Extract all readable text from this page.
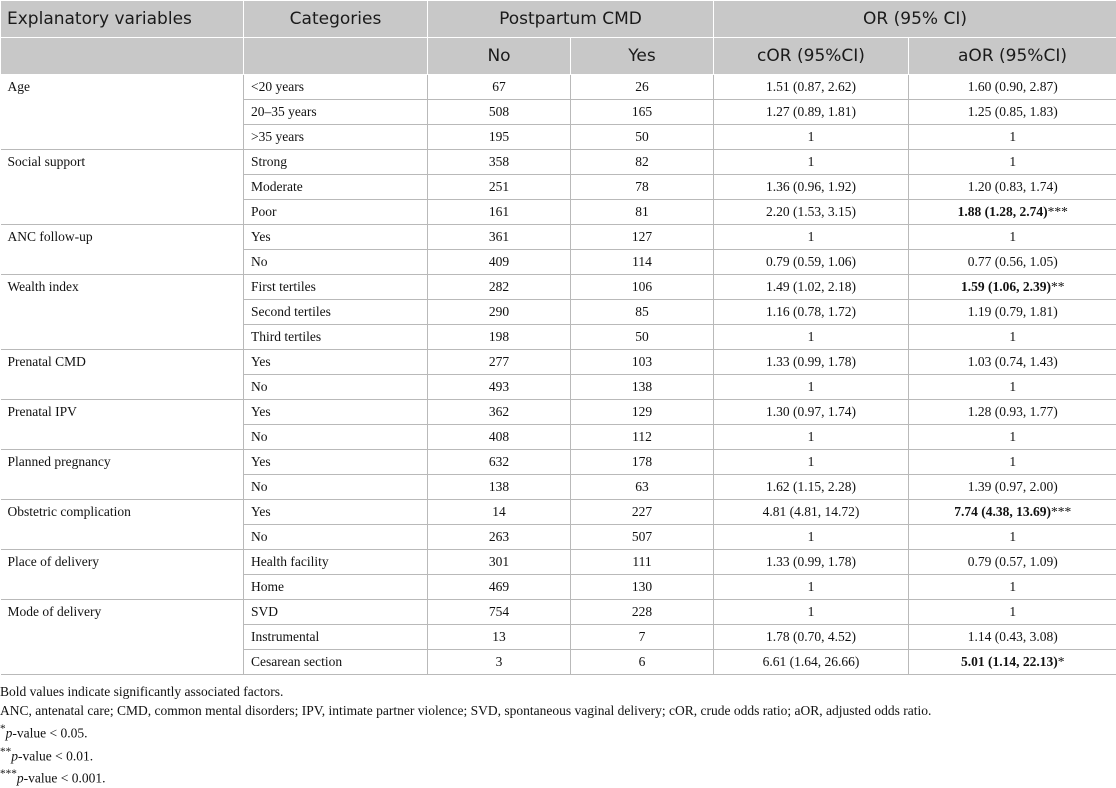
Explanatory variables	Categories	Postpartum CMD		OR (95% CI)	
		No	Yes	cOR (95%CI)	aOR (95%CI)
Age	<20 years	67	26	1.51 (0.87, 2.62)	1.60 (0.90, 2.87)
	20–35 years	508	165	1.27 (0.89, 1.81)	1.25 (0.85, 1.83)
	>35 years	195	50	1	1
Social support	Strong	358	82	1	1
	Moderate	251	78	1.36 (0.96, 1.92)	1.20 (0.83, 1.74)
	Poor	161	81	2.20 (1.53, 3.15)	1.88 (1.28, 2.74)***
ANC follow-up	Yes	361	127	1	1
	No	409	114	0.79 (0.59, 1.06)	0.77 (0.56, 1.05)
Wealth index	First tertiles	282	106	1.49 (1.02, 2.18)	1.59 (1.06, 2.39)**
	Second tertiles	290	85	1.16 (0.78, 1.72)	1.19 (0.79, 1.81)
	Third tertiles	198	50	1	1
Prenatal CMD	Yes	277	103	1.33 (0.99, 1.78)	1.03 (0.74, 1.43)
	No	493	138	1	1
Prenatal IPV	Yes	362	129	1.30 (0.97, 1.74)	1.28 (0.93, 1.77)
	No	408	112	1	1
Planned pregnancy	Yes	632	178	1	1
	No	138	63	1.62 (1.15, 2.28)	1.39 (0.97, 2.00)
Obstetric complication	Yes	14	227	4.81 (4.81, 14.72)	7.74 (4.38, 13.69)***
	No	263	507	1	1
Place of delivery	Health facility	301	111	1.33 (0.99, 1.78)	0.79 (0.57, 1.09)
	Home	469	130	1	1
Mode of delivery	SVD	754	228	1	1
	Instrumental	13	7	1.78 (0.70, 4.52)	1.14 (0.43, 3.08)
	Cesarean section	3	6	6.61 (1.64, 26.66)	5.01 (1.14, 22.13)*

Bold values indicate significantly associated factors.

ANC, antenatal care; CMD, common mental disorders; IPV, intimate partner violence; SVD, spontaneous vaginal delivery; cOR, crude odds ratio; aOR, adjusted odds ratio.

*p-value < 0.05.

**p-value < 0.01.

***p-value < 0.001.
